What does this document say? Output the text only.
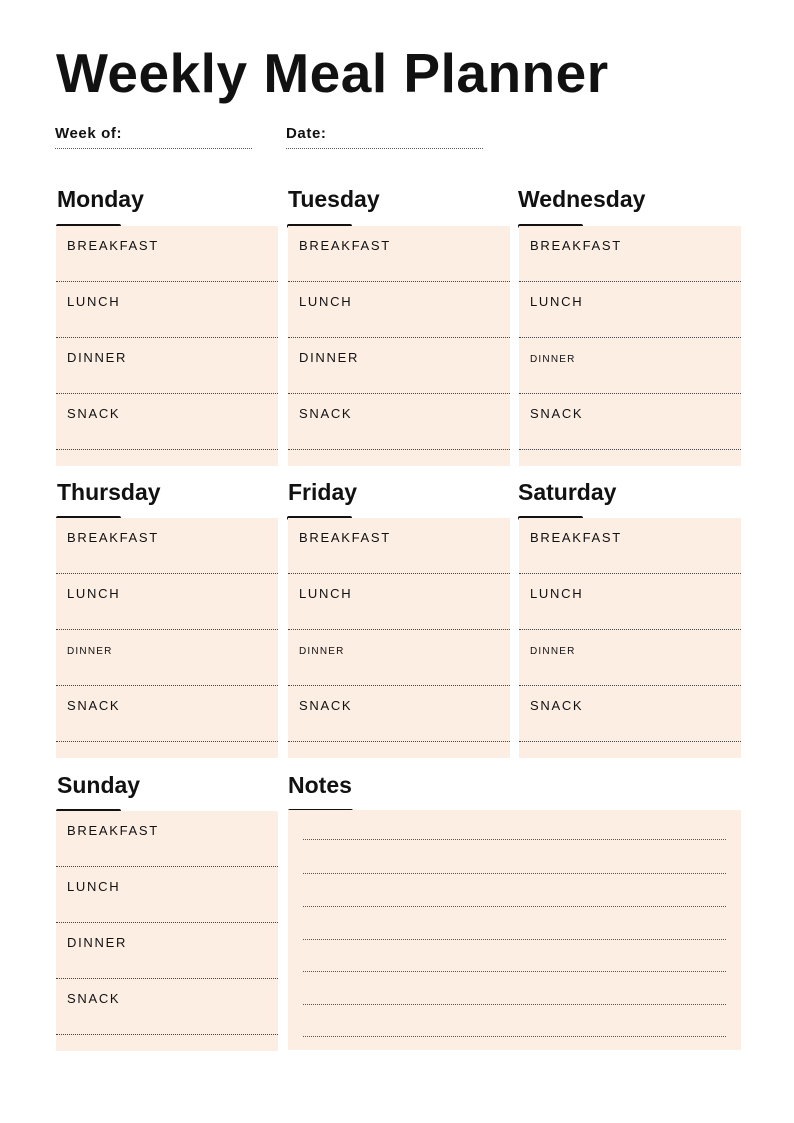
Weekly Meal Planner
Week of:	Date:
Monday
BREAKFAST
LUNCH
DINNER
SNACK
Tuesday
BREAKFAST
LUNCH
DINNER
SNACK
Wednesday
BREAKFAST
LUNCH
DINNER
SNACK
Thursday
BREAKFAST
LUNCH
DINNER
SNACK
Friday
BREAKFAST
LUNCH
DINNER
SNACK
Saturday
BREAKFAST
LUNCH
DINNER
SNACK
Sunday
BREAKFAST
LUNCH
DINNER
SNACK
Notes
